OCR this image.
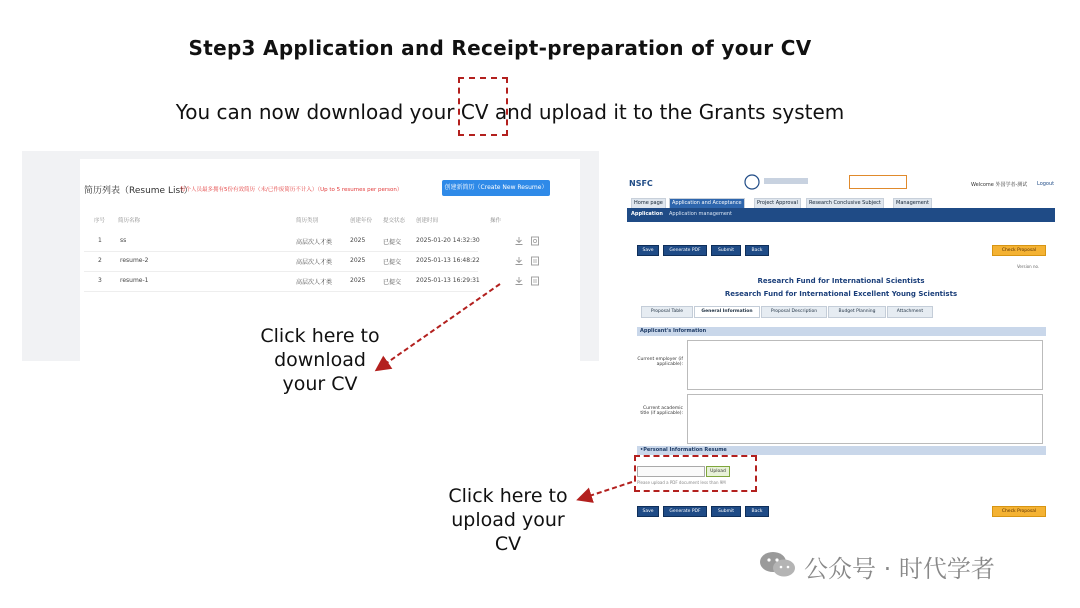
Step3 Application and Receipt-preparation of your CV
You can now download your CV and upload it to the Grants system
简历列表（Resume List）
每个人员最多拥有5份有效简历（未/已作废简历不计入）（Up to 5 resumes per person）	创建新简历（Create New Resume）
序号 简历名称	简历类别	创建年份 提交状态 创建时间	操作
1	ss	高层次人才类	2025	已提交 2025-01-20 14:32:30
2	resume-2	高层次人才类	2025	已提交 2025-01-13 16:48:22
3	resume-1	高层次人才类	2025	已提交 2025-01-13 16:29:31
NSFC	Welcome 外国学者-测试 Logout
Home page	Application and Acceptance	Project Approval	Research Conclusive Subject	Management
Application Application management
Save	Generate PDF	Submit	Back	Check Proposal
Version no.
Research Fund for International Scientists
Research Fund for International Excellent Young Scientists
Proposal Table	General Information	Proposal Description	Budget Planning	Attachment
Applicant's Information
Current employer (if applicable):
Current academic title (if applicable):
•Personal Information Resume
Upload
Please upload a PDF document less than 9M
Save	Generate PDF	Submit	Back	Check Proposal
Click here to download your CV
Click here to upload your CV
公众号 · 时代学者
